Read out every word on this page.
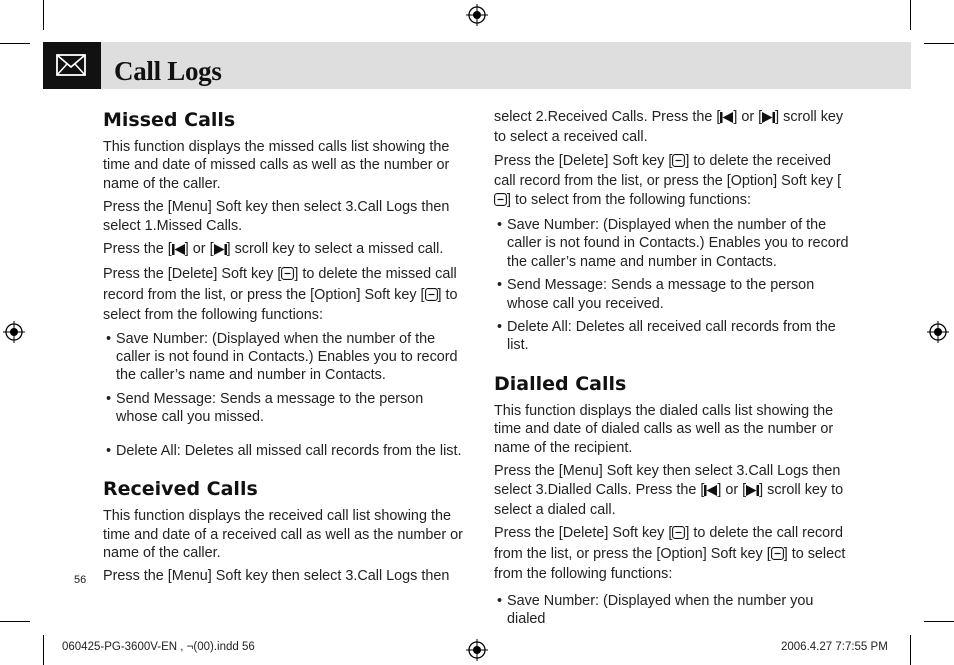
Call Logs
Missed Calls

This function displays the missed calls list showing the time and date of missed calls as well as the number or name of the caller.

Press the [Menu] Soft key then select 3.Call Logs then select 1.Missed Calls.

Press the [ ] or [ ] scroll key to select a missed call.

Press the [Delete] Soft key [ ] to delete the missed call record from the list, or press the [Option] Soft key [ ] to select from the following functions:

• Save Number: (Displayed when the number of the caller is not found in Contacts.) Enables you to record the caller’s name and number in Contacts.
• Send Message: Sends a message to the person whose call you missed.
• Delete All: Deletes all missed call records from the list.
Received Calls

This function displays the received call list showing the time and date of a received call as well as the number or name of the caller.

Press the [Menu] Soft key then select 3.Call Logs then

select 2.Received Calls. Press the [ ] or [ ] scroll key to select a received call.

Press the [Delete] Soft key [ ] to delete the received call record from the list, or press the [Option] Soft key [] to select from the following functions:

• Save Number: (Displayed when the number of the caller is not found in Contacts.) Enables you to record the caller’s name and number in Contacts.
• Send Message: Sends a message to the person whose call you received.
• Delete All: Deletes all received call records from the list.
Dialled Calls

This function displays the dialed calls list showing the time and date of dialed calls as well as the number or name of the recipient.

Press the [Menu] Soft key then select 3.Call Logs then select 3.Dialled Calls. Press the [ ] or [ ] scroll key to select a dialed call.

Press the [Delete] Soft key [ ] to delete the call record from the list, or press the [Option] Soft key [ ] to select from the following functions:

• Save Number: (Displayed when the number you dialed
56
060425-PG-3600V-EN , ¬(00).indd 56	2006.4.27 7:7:55 PM
